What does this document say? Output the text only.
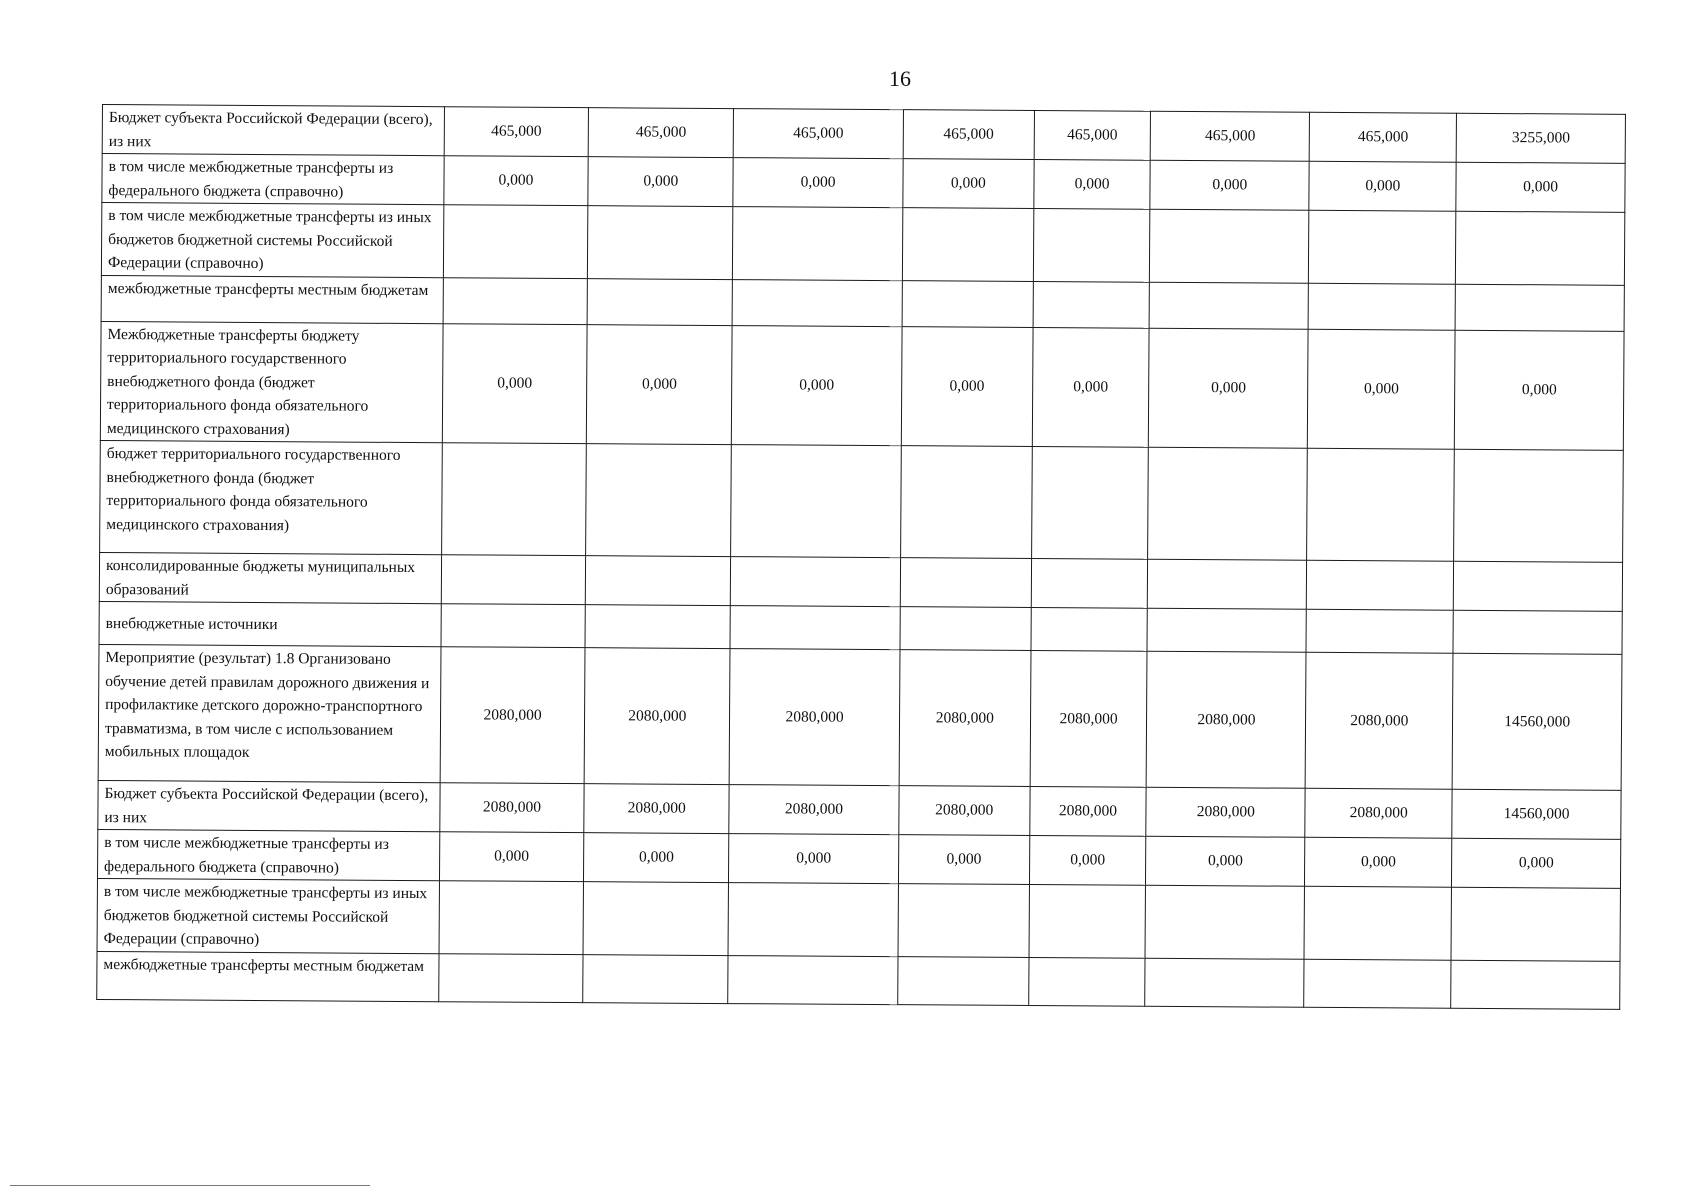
16
Бюджет субъекта Российской Федерации (всего), из них	465,000	465,000	465,000	465,000	465,000	465,000	465,000	3255,000
в том числе межбюджетные трансферты из федерального бюджета (справочно)	0,000	0,000	0,000	0,000	0,000	0,000	0,000	0,000
в том числе межбюджетные трансферты из иных бюджетов бюджетной системы Российской Федерации (справочно)								
межбюджетные трансферты местным бюджетам								
Межбюджетные трансферты бюджету территориального государственного внебюджетного фонда (бюджет территориального фонда обязательного медицинского страхования)	0,000	0,000	0,000	0,000	0,000	0,000	0,000	0,000
бюджет территориального государственного внебюджетного фонда (бюджет территориального фонда обязательного медицинского страхования)								
консолидированные бюджеты муниципальных образований								
внебюджетные источники								
Мероприятие (результат) 1.8 Организовано обучение детей правилам дорожного движения и профилактике детского дорожно-транспортного травматизма, в том числе с использованием мобильных площадок	2080,000	2080,000	2080,000	2080,000	2080,000	2080,000	2080,000	14560,000
Бюджет субъекта Российской Федерации (всего), из них	2080,000	2080,000	2080,000	2080,000	2080,000	2080,000	2080,000	14560,000
в том числе межбюджетные трансферты из федерального бюджета (справочно)	0,000	0,000	0,000	0,000	0,000	0,000	0,000	0,000
в том числе межбюджетные трансферты из иных бюджетов бюджетной системы Российской Федерации (справочно)								
межбюджетные трансферты местным бюджетам								
